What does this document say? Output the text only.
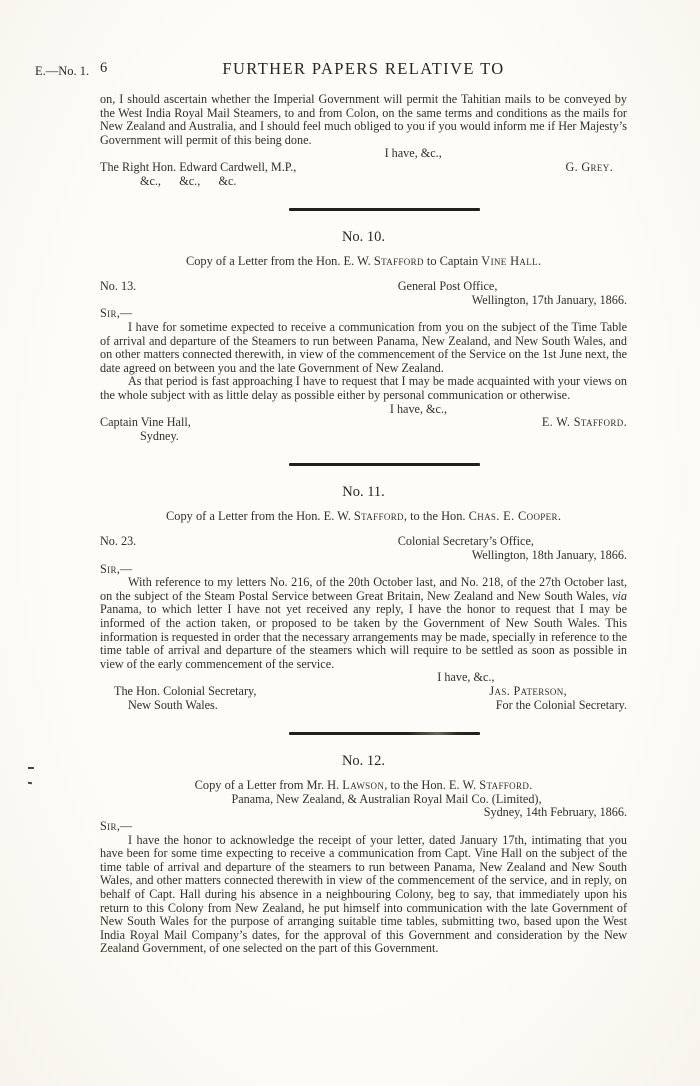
E.—No. 1. 6	FURTHER PAPERS RELATIVE TO

on, I should ascertain whether the Imperial Government will permit the Tahitian mails to be conveyed by the West India Royal Mail Steamers, to and from Colon, on the same terms and conditions as the mails for New Zealand and Australia, and I should feel much obliged to you if you would inform me if Her Majesty’s Government will permit of this being done.

I have, &c.,
The Right Hon. Edward Cardwell, M.P.,	G. Grey.
&c.,  &c.,  &c.
No. 10.
Copy of a Letter from the Hon. E. W. Stafford to Captain Vine Hall.
No. 13.	General Post Office,
Wellington, 17th January, 1866.
Sir,—

I have for sometime expected to receive a communication from you on the subject of the Time Table of arrival and departure of the Steamers to run between Panama, New Zealand, and New South Wales, and on other matters connected therewith, in view of the commencement of the Service on the 1st June next, the date agreed on between you and the late Government of New Zealand.

As that period is fast approaching I have to request that I may be made acquainted with your views on the whole subject with as little delay as possible either by personal communication or otherwise.

I have, &c.,
Captain Vine Hall,	E. W. Stafford.
Sydney.
No. 11.
Copy of a Letter from the Hon. E. W. Stafford, to the Hon. Chas. E. Cooper.
No. 23.	Colonial Secretary’s Office,
Wellington, 18th January, 1866.
Sir,—

With reference to my letters No. 216, of the 20th October last, and No. 218, of the 27th October last, on the subject of the Steam Postal Service between Great Britain, New Zealand and New South Wales, via Panama, to which letter I have not yet received any reply, I have the honor to request that I may be informed of the action taken, or proposed to be taken by the Government of New South Wales. This information is requested in order that the necessary arrangements may be made, specially in reference to the time table of arrival and departure of the steamers which will require to be settled as soon as possible in view of the early commencement of the service.

I have, &c.,
The Hon. Colonial Secretary,	Jas. Paterson,
New South Wales.	For the Colonial Secretary.
No. 12.
Copy of a Letter from Mr. H. Lawson, to the Hon. E. W. Stafford.
Panama, New Zealand, & Australian Royal Mail Co. (Limited),
Sydney, 14th February, 1866.
Sir,—

I have the honor to acknowledge the receipt of your letter, dated January 17th, intimating that you have been for some time expecting to receive a communication from Capt. Vine Hall on the subject of the time table of arrival and departure of the steamers to run between Panama, New Zealand and New South Wales, and other matters connected therewith in view of the commencement of the service, and in reply, on behalf of Capt. Hall during his absence in a neighbouring Colony, beg to say, that immediately upon his return to this Colony from New Zealand, he put himself into communication with the late Government of New South Wales for the purpose of arranging suitable time tables, submitting two, based upon the West India Royal Mail Company’s dates, for the approval of this Government and consideration by the New Zealand Government, of one selected on the part of this Government.
